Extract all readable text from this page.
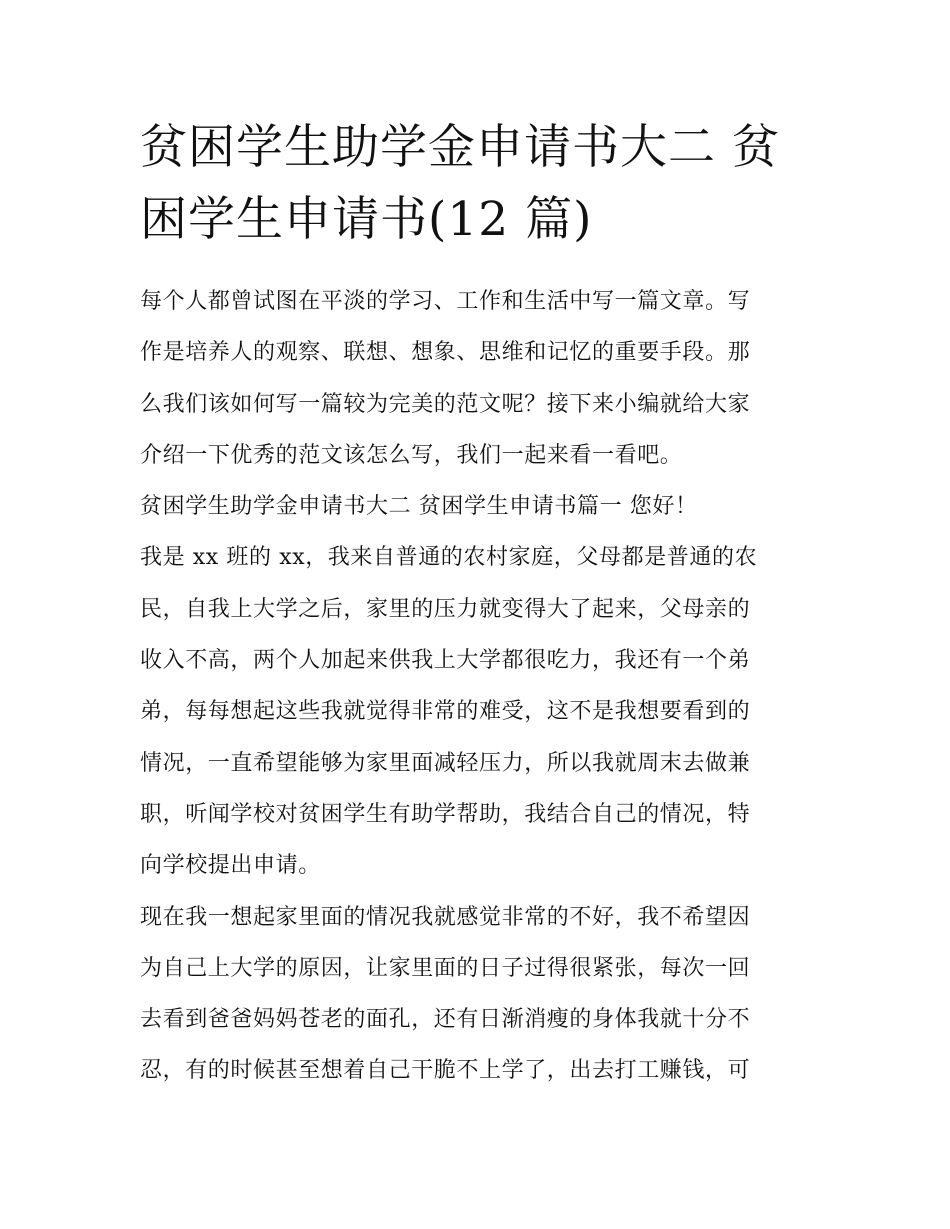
贫困学生助学金申请书大二 贫
困学生申请书(12 篇)
每个人都曾试图在平淡的学习、工作和生活中写一篇文章。写
作是培养人的观察、联想、想象、思维和记忆的重要手段。那
么我们该如何写一篇较为完美的范文呢？接下来小编就给大家
介绍一下优秀的范文该怎么写，我们一起来看一看吧。
贫困学生助学金申请书大二 贫困学生申请书篇一 您好！
我是 xx 班的 xx，我来自普通的农村家庭，父母都是普通的农
民，自我上大学之后，家里的压力就变得大了起来，父母亲的
收入不高，两个人加起来供我上大学都很吃力，我还有一个弟
弟，每每想起这些我就觉得非常的难受，这不是我想要看到的
情况，一直希望能够为家里面减轻压力，所以我就周末去做兼
职，听闻学校对贫困学生有助学帮助，我结合自己的情况，特
向学校提出申请。
现在我一想起家里面的情况我就感觉非常的不好，我不希望因
为自己上大学的原因，让家里面的日子过得很紧张，每次一回
去看到爸爸妈妈苍老的面孔，还有日渐消瘦的身体我就十分不
忍，有的时候甚至想着自己干脆不上学了，出去打工赚钱，可
